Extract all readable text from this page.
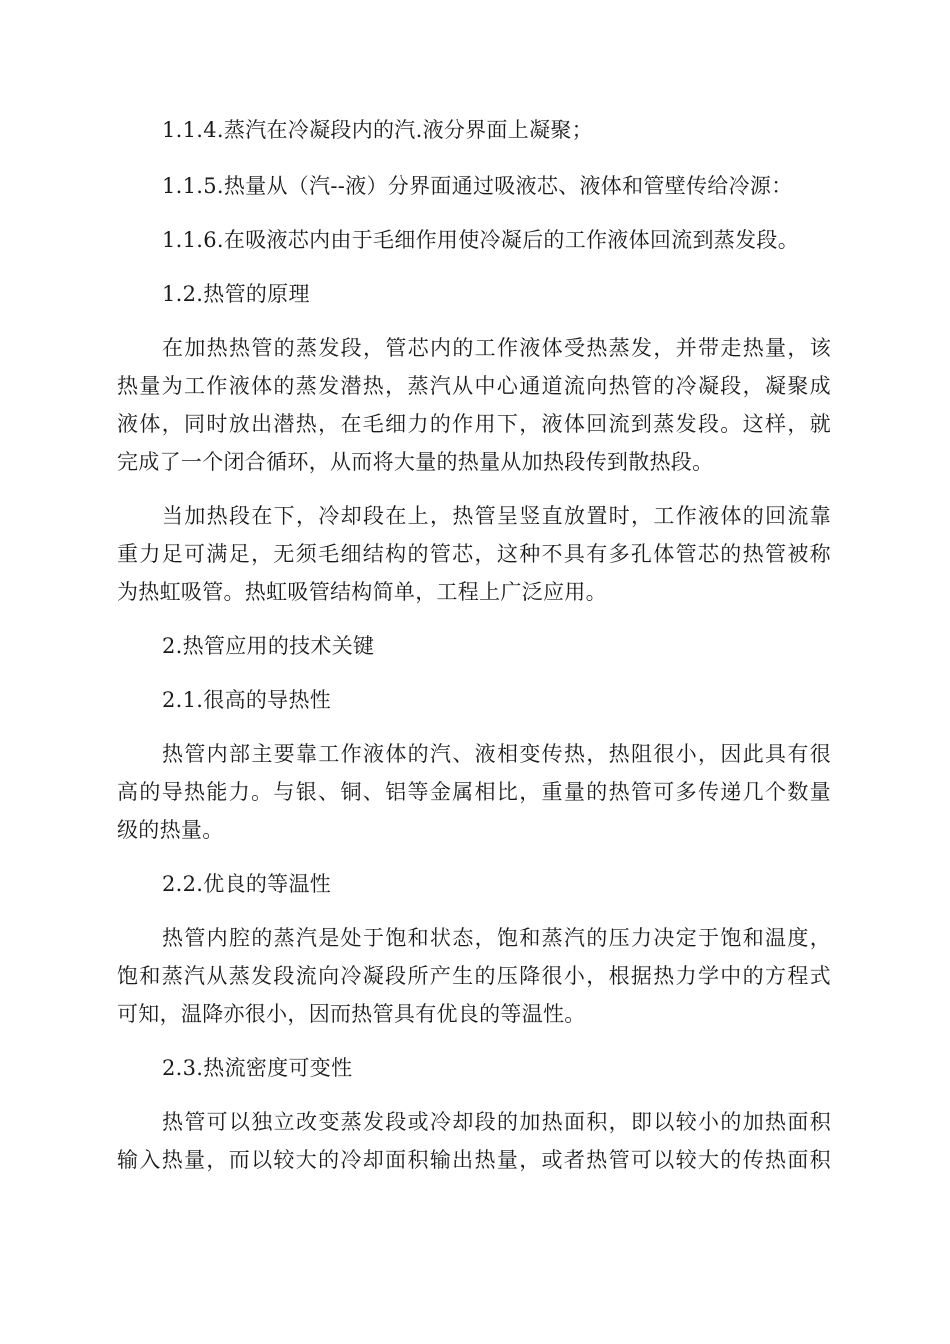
1.1.4.蒸汽在冷凝段内的汽.液分界面上凝聚；
1.1.5.热量从（汽--液）分界面通过吸液芯、液体和管壁传给冷源：
1.1.6.在吸液芯内由于毛细作用使冷凝后的工作液体回流到蒸发段。
1.2.热管的原理
在加热热管的蒸发段，管芯内的工作液体受热蒸发，并带走热量，该
热量为工作液体的蒸发潜热，蒸汽从中心通道流向热管的冷凝段，凝聚成
液体，同时放出潜热，在毛细力的作用下，液体回流到蒸发段。这样，就
完成了一个闭合循环，从而将大量的热量从加热段传到散热段。
当加热段在下，冷却段在上，热管呈竖直放置时，工作液体的回流靠
重力足可满足，无须毛细结构的管芯，这种不具有多孔体管芯的热管被称
为热虹吸管。热虹吸管结构简单，工程上广泛应用。
2.热管应用的技术关键
2.1.很高的导热性
热管内部主要靠工作液体的汽、液相变传热，热阻很小，因此具有很
高的导热能力。与银、铜、铝等金属相比，重量的热管可多传递几个数量
级的热量。
2.2.优良的等温性
热管内腔的蒸汽是处于饱和状态，饱和蒸汽的压力决定于饱和温度，
饱和蒸汽从蒸发段流向冷凝段所产生的压降很小，根据热力学中的方程式
可知，温降亦很小，因而热管具有优良的等温性。
2.3.热流密度可变性
热管可以独立改变蒸发段或冷却段的加热面积，即以较小的加热面积
输入热量，而以较大的冷却面积输出热量，或者热管可以较大的传热面积
